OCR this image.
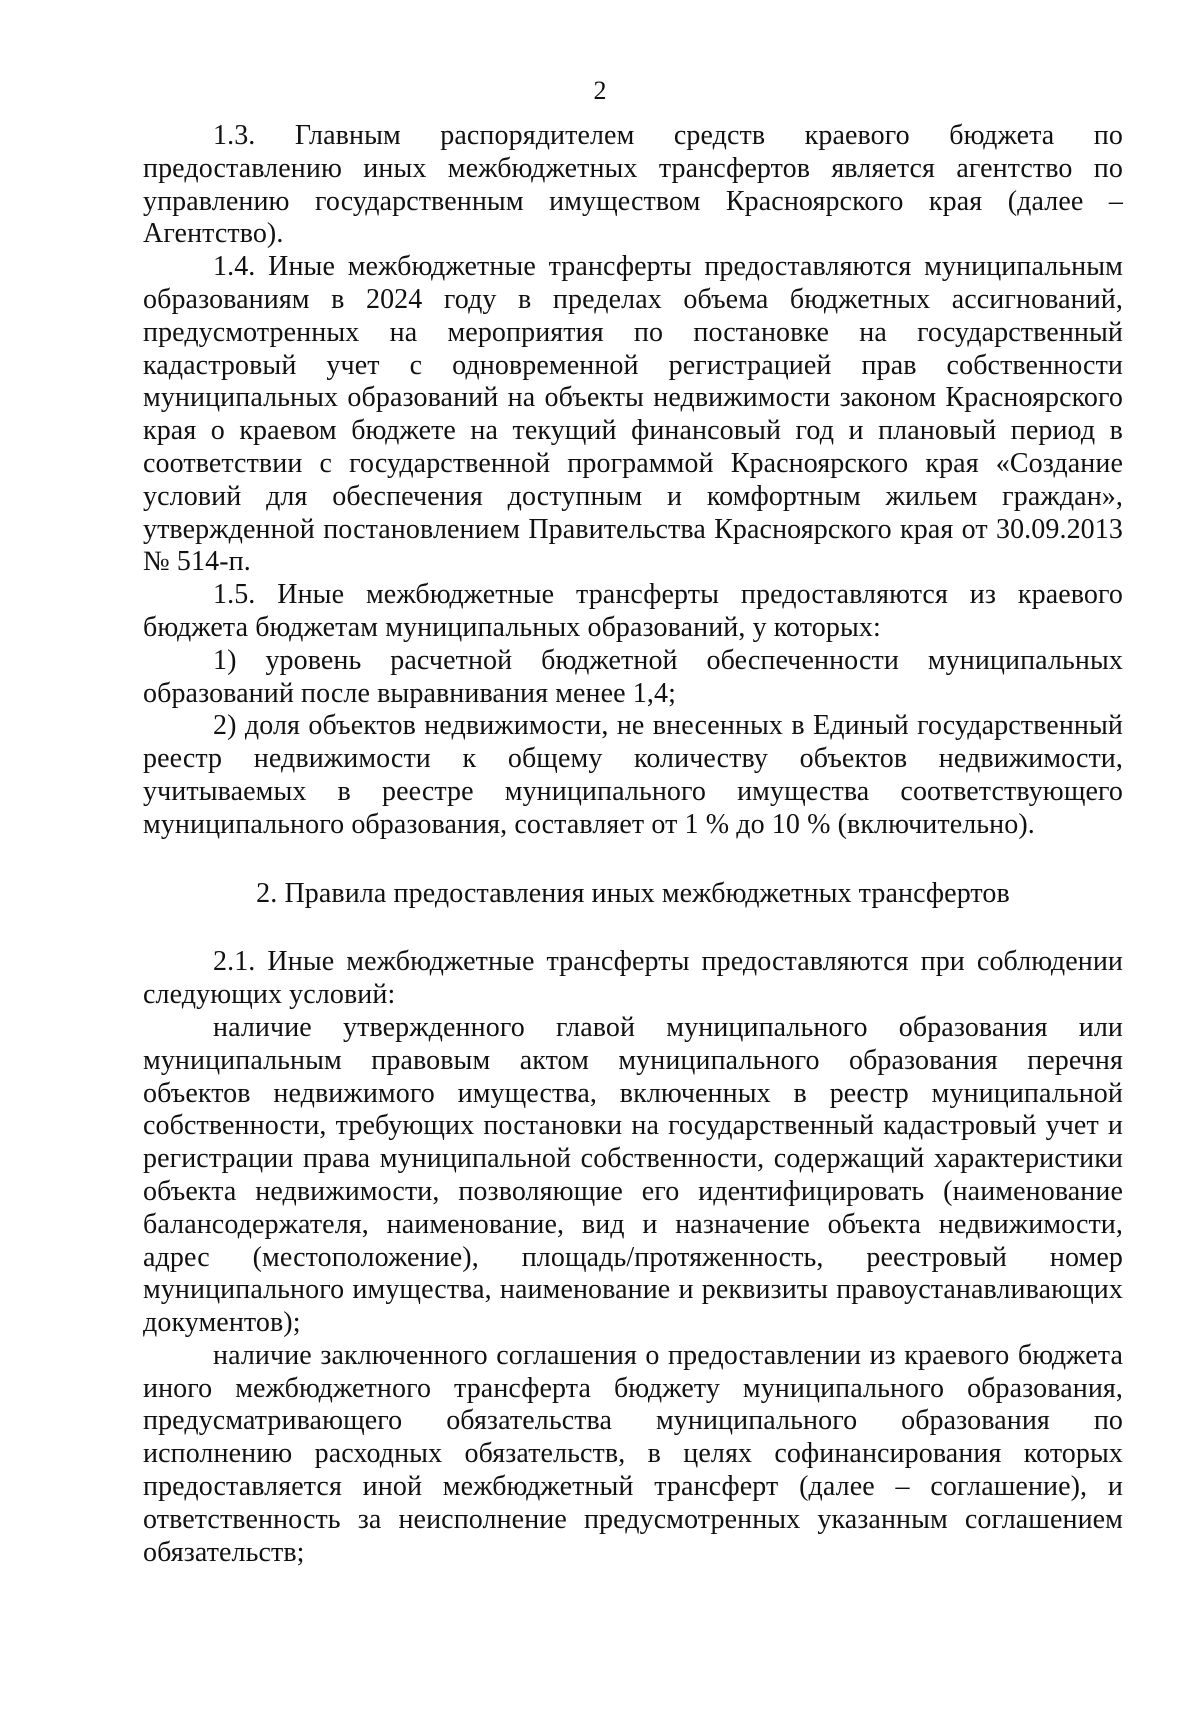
2

1.3. Главным распорядителем средств краевого бюджета по предоставлению иных межбюджетных трансфертов является агентство по управлению государственным имуществом Красноярского края (далее – Агентство).

1.4. Иные межбюджетные трансферты предоставляются муниципальным образованиям в 2024 году в пределах объема бюджетных ассигнований, предусмотренных на мероприятия по постановке на государственный кадастровый учет с одновременной регистрацией прав собственности муниципальных образований на объекты недвижимости законом Красноярского края о краевом бюджете на текущий финансовый год и плановый период в соответствии с государственной программой Красноярского края «Создание условий для обеспечения доступным и комфортным жильем граждан», утвержденной постановлением Правительства Красноярского края от 30.09.2013 № 514-п.

1.5. Иные межбюджетные трансферты предоставляются из краевого бюджета бюджетам муниципальных образований, у которых:

1) уровень расчетной бюджетной обеспеченности муниципальных образований после выравнивания менее 1,4;

2) доля объектов недвижимости, не внесенных в Единый государственный реестр недвижимости к общему количеству объектов недвижимости, учитываемых в реестре муниципального имущества соответствующего муниципального образования, составляет от 1 % до 10 % (включительно).

2. Правила предоставления иных межбюджетных трансфертов

2.1. Иные межбюджетные трансферты предоставляются при соблюдении следующих условий:

наличие утвержденного главой муниципального образования или муниципальным правовым актом муниципального образования перечня объектов недвижимого имущества, включенных в реестр муниципальной собственности, требующих постановки на государственный кадастровый учет и регистрации права муниципальной собственности, содержащий характеристики объекта недвижимости, позволяющие его идентифицировать (наименование балансодержателя, наименование, вид и назначение объекта недвижимости, адрес (местоположение), площадь/протяженность, реестровый номер муниципального имущества, наименование и реквизиты правоустанавливающих документов);

наличие заключенного соглашения о предоставлении из краевого бюджета иного межбюджетного трансферта бюджету муниципального образования, предусматривающего обязательства муниципального образования по исполнению расходных обязательств, в целях софинансирования которых предоставляется иной межбюджетный трансферт (далее – соглашение), и ответственность за неисполнение предусмотренных указанным соглашением обязательств;
